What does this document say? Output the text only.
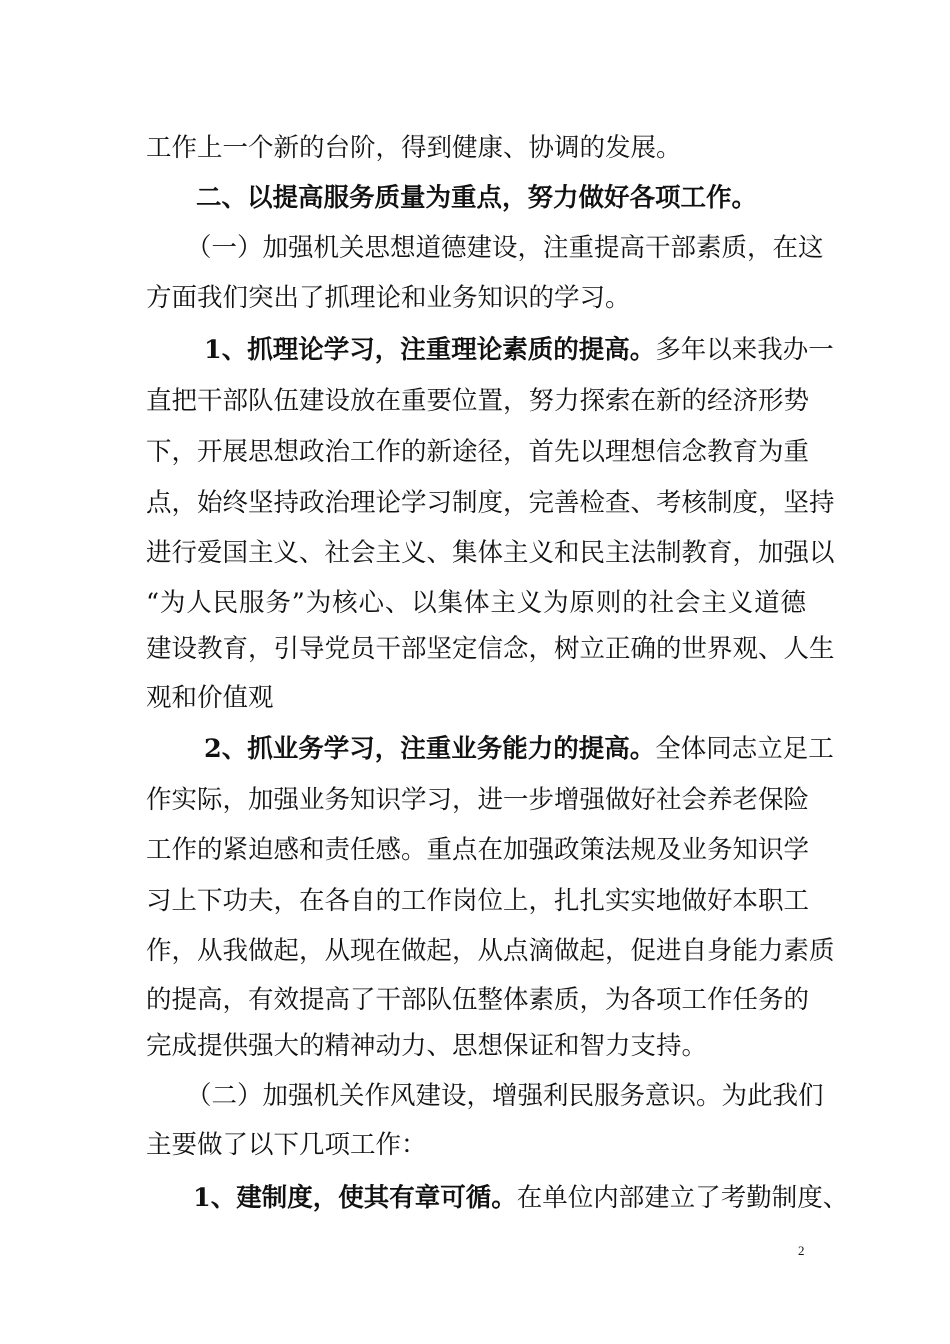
工作上一个新的台阶，得到健康、协调的发展。
二、以提高服务质量为重点，努力做好各项工作。
（一）加强机关思想道德建设，注重提高干部素质，在这
方面我们突出了抓理论和业务知识的学习。
1、抓理论学习，注重理论素质的提高。多年以来我办一
直把干部队伍建设放在重要位置，努力探索在新的经济形势
下，开展思想政治工作的新途径，首先以理想信念教育为重
点，始终坚持政治理论学习制度，完善检查、考核制度，坚持
进行爱国主义、社会主义、集体主义和民主法制教育，加强以
“为人民服务”为核心、以集体主义为原则的社会主义道德
建设教育，引导党员干部坚定信念，树立正确的世界观、人生
观和价值观
2、抓业务学习，注重业务能力的提高。全体同志立足工
作实际，加强业务知识学习，进一步增强做好社会养老保险
工作的紧迫感和责任感。重点在加强政策法规及业务知识学
习上下功夫，在各自的工作岗位上，扎扎实实地做好本职工
作，从我做起，从现在做起，从点滴做起，促进自身能力素质
的提高，有效提高了干部队伍整体素质，为各项工作任务的
完成提供强大的精神动力、思想保证和智力支持。
（二）加强机关作风建设，增强利民服务意识。为此我们
主要做了以下几项工作：
1、建制度，使其有章可循。在单位内部建立了考勤制度、
2
